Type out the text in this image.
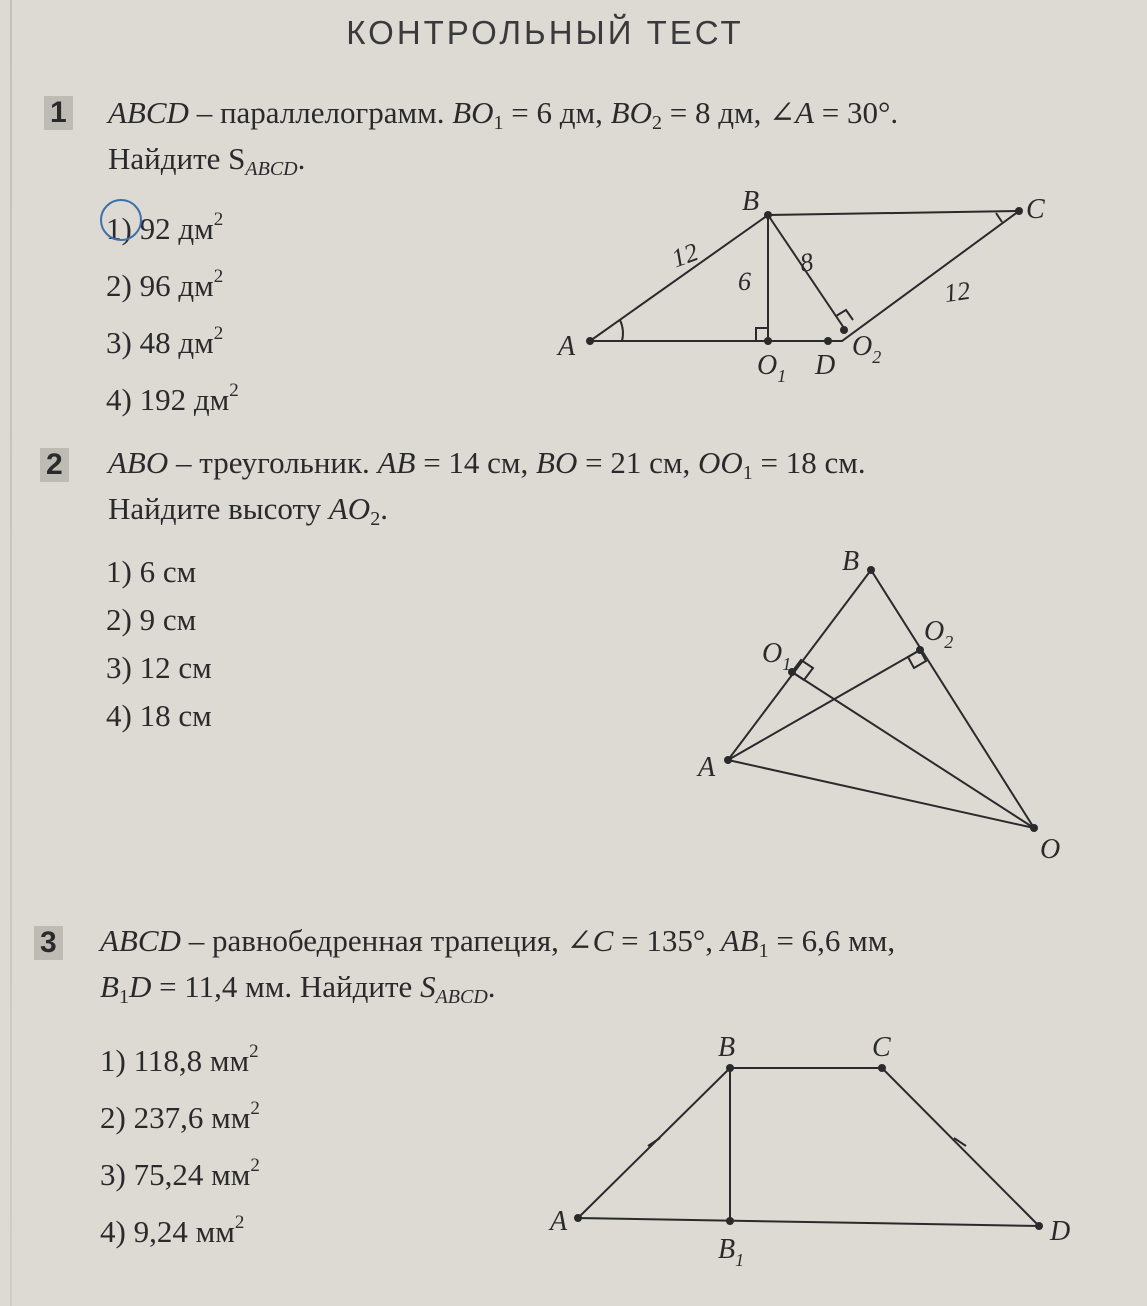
КОНТРОЛЬНЫЙ ТЕСТ
1 ABCD – параллелограмм. $BO_1 = 6$ дм, $BO_2 = 8$ дм, ∠A = 30°.
Найдите $S_{ABCD}$.
1) 92 $дм^2$
2) 96 $дм^2$
3) 48 $дм^2$
4) 192 $дм^2$
2 ABO – треугольник. AB = 14 см, BO = 21 см, $OO_1 = 18$ см.
Найдите высоту $AO_2$.
1) 6 см
2) 9 см
3) 12 см
4) 18 см
3 ABCD – равнобедренная трапеция, ∠C = 135°, $AB_1 = 6,6$ мм,
$B_1D = 11,4$ мм. Найдите $S_{ABCD}$.
1) 118,8 $мм^2$
2) 237,6 $мм^2$
3) 75,24 $мм^2$
4) 9,24 $мм^2$
A
B	C
D
$O_1$
$O_2$
12
6
8
12
A
B
O
$O_1$
$O_2$
A
B	C
D
$B_1$
